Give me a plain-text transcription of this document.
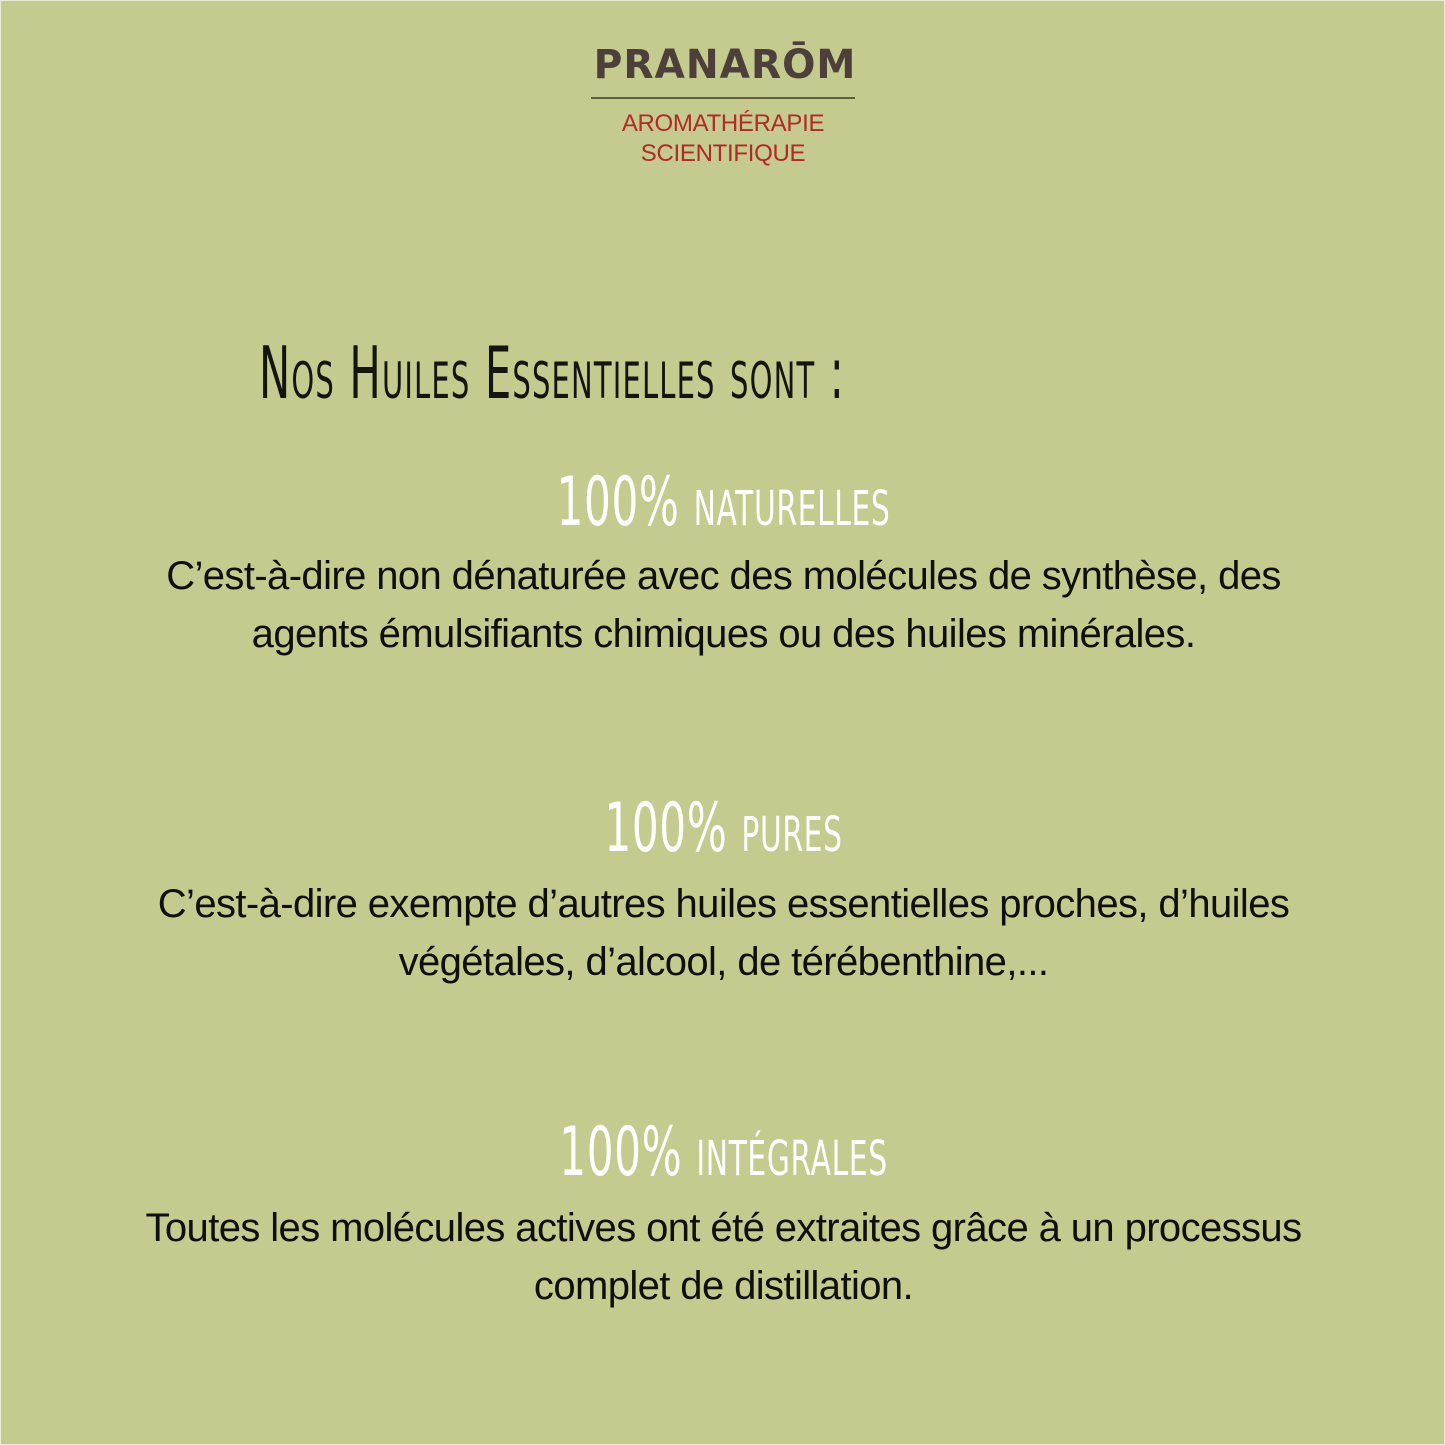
PRANARŌM
AROMATHÉRAPIE
SCIENTIFIQUE
Nos Huiles Essentielles sont :
100% naturelles

C’est-à-dire non dénaturée avec des molécules de synthèse, des
agents émulsifiants chimiques ou des huiles minérales.

100% pures

C’est-à-dire exempte d’autres huiles essentielles proches, d’huiles
végétales, d’alcool, de térébenthine,...

100% intégrales

Toutes les molécules actives ont été extraites grâce à un processus
complet de distillation.
